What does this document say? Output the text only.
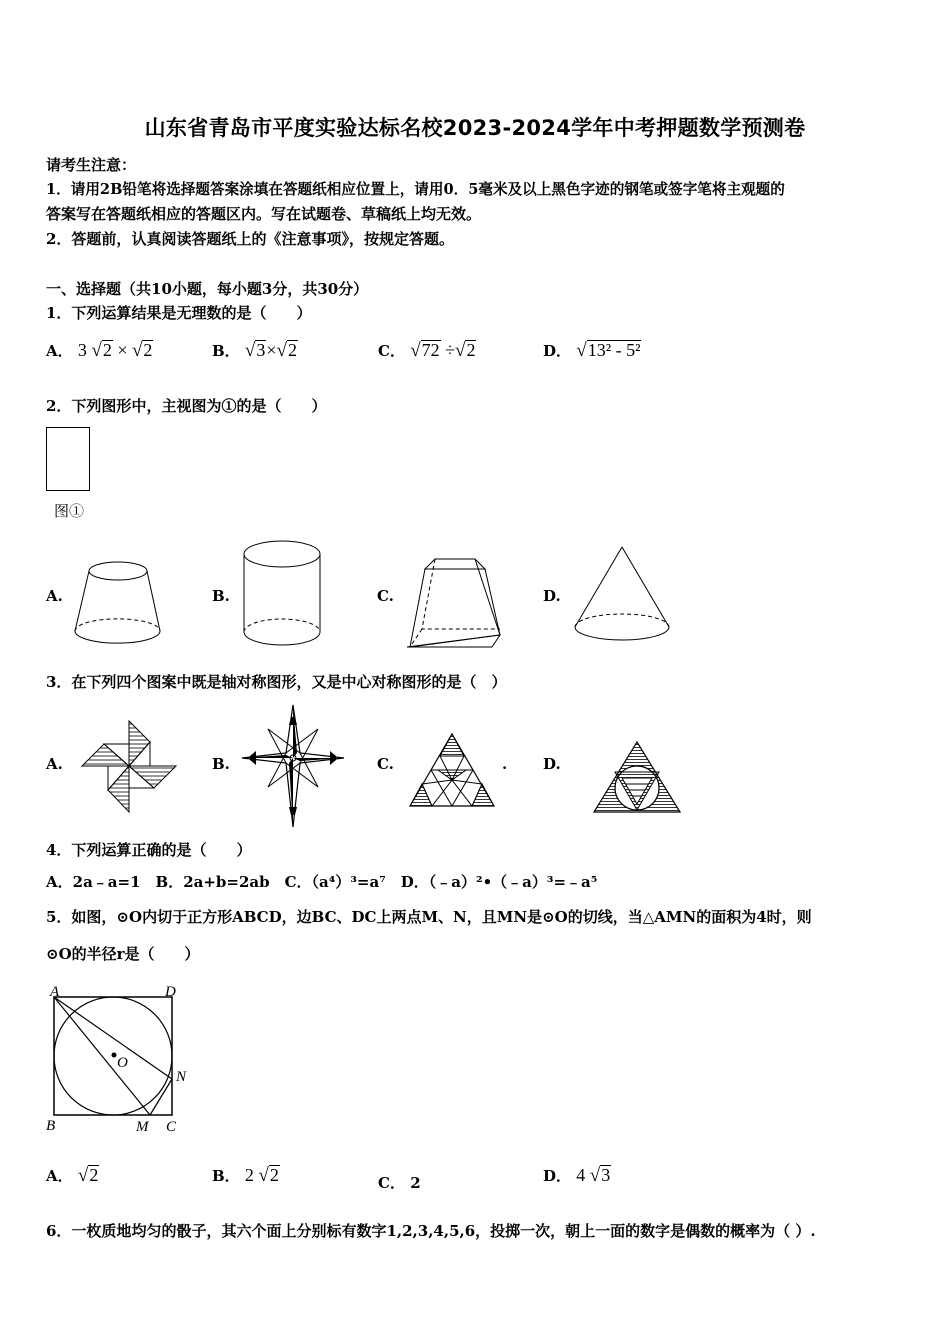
山东省青岛市平度实验达标名校2023-2024学年中考押题数学预测卷
请考生注意：
1．请用2B铅笔将选择题答案涂填在答题纸相应位置上，请用0．5毫米及以上黑色字迹的钢笔或签字笔将主观题的
答案写在答题纸相应的答题区内。写在试题卷、草稿纸上均无效。
2．答题前，认真阅读答题纸上的《注意事项》，按规定答题。
一、选择题（共10小题，每小题3分，共30分）
1．下列运算结果是无理数的是（　　）
A． 3 √2 × √2	B． √3×√2	C． √72 ÷√2	D． √13² - 5²
2．下列图形中，主视图为①的是（　　）
图①
A.	B.	C.	D.
3．在下列四个图案中既是轴对称图形，又是中心对称图形的是（　）
A.	B.	C.	. D.
4．下列运算正确的是（　　）
A．2a﹣a=1　B．2a+b=2ab　C．（a⁴）³=a⁷　D．（﹣a）²•（﹣a）³=﹣a⁵
5．如图，⊙O内切于正方形ABCD，边BC、DC上两点M、N，且MN是⊙O的切线，当△AMN的面积为4时，则
⊙O的半径r是（　　）
A	D
B	M C
N
O
A． √2	B． 2 √2	C． 2	D． 4 √3
6．一枚质地均匀的骰子，其六个面上分别标有数字1,2,3,4,5,6，投掷一次，朝上一面的数字是偶数的概率为（ ）.
